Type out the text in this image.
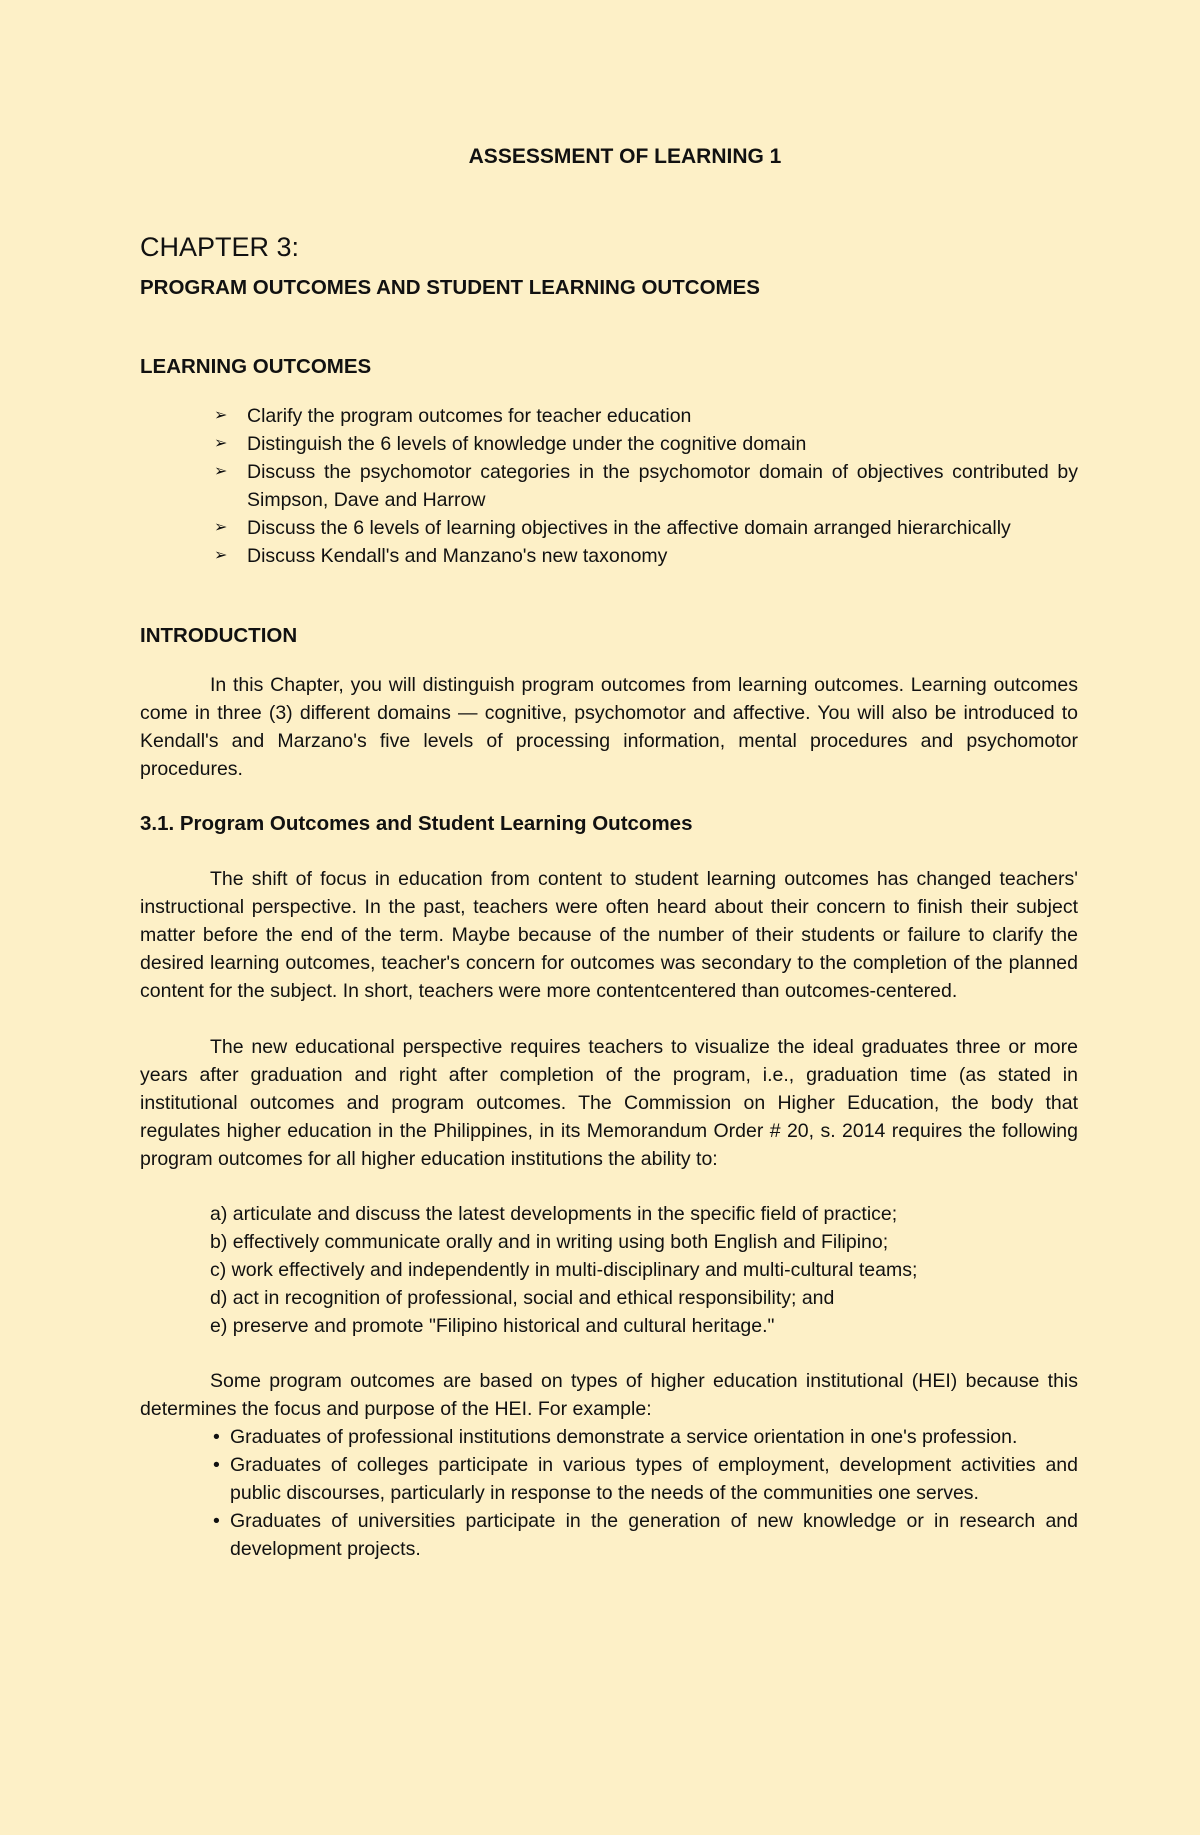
ASSESSMENT OF LEARNING 1
CHAPTER 3:
PROGRAM OUTCOMES AND STUDENT LEARNING OUTCOMES
LEARNING OUTCOMES
➢ Clarify the program outcomes for teacher education
➢ Distinguish the 6 levels of knowledge under the cognitive domain
➢ Discuss the psychomotor categories in the psychomotor domain of objectives contributed by Simpson, Dave and Harrow
➢ Discuss the 6 levels of learning objectives in the affective domain arranged hierarchically
➢ Discuss Kendall's and Manzano's new taxonomy
INTRODUCTION

In this Chapter, you will distinguish program outcomes from learning outcomes. Learning outcomes come in three (3) different domains — cognitive, psychomotor and affective. You will also be introduced to Kendall's and Marzano's five levels of processing information, mental procedures and psychomotor procedures.

3.1. Program Outcomes and Student Learning Outcomes

The shift of focus in education from content to student learning outcomes has changed teachers' instructional perspective. In the past, teachers were often heard about their concern to finish their subject matter before the end of the term. Maybe because of the number of their students or failure to clarify the desired learning outcomes, teacher's concern for outcomes was secondary to the completion of the planned content for the subject. In short, teachers were more contentcentered than outcomes-centered.

The new educational perspective requires teachers to visualize the ideal graduates three or more years after graduation and right after completion of the program, i.e., graduation time (as stated in institutional outcomes and program outcomes. The Commission on Higher Education, the body that regulates higher education in the Philippines, in its Memorandum Order # 20, s. 2014 requires the following program outcomes for all higher education institutions the ability to:

a) articulate and discuss the latest developments in the specific field of practice;
b) effectively communicate orally and in writing using both English and Filipino;
c) work effectively and independently in multi-disciplinary and multi-cultural teams;
d) act in recognition of professional, social and ethical responsibility; and
e) preserve and promote "Filipino historical and cultural heritage."

Some program outcomes are based on types of higher education institutional (HEI) because this determines the focus and purpose of the HEI. For example:

• Graduates of professional institutions demonstrate a service orientation in one's profession.
• Graduates of colleges participate in various types of employment, development activities and public discourses, particularly in response to the needs of the communities one serves.
• Graduates of universities participate in the generation of new knowledge or in research and development projects.
